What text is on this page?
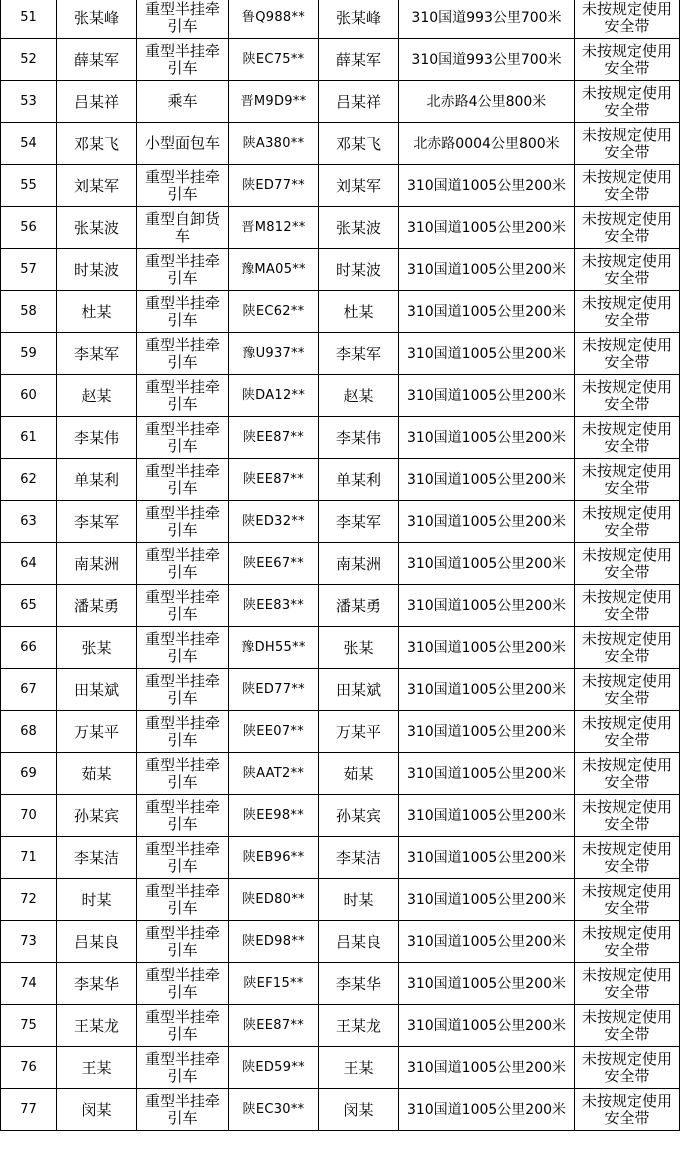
51	张某峰	重型半挂牵引车	鲁Q988**	张某峰	310国道993公里700米	未按规定使用安全带
52	薛某军	重型半挂牵引车	陕EC75**	薛某军	310国道993公里700米	未按规定使用安全带
53	吕某祥	乘车	晋M9D9**	吕某祥	北赤路4公里800米	未按规定使用安全带
54	邓某飞	小型面包车	陕A380**	邓某飞	北赤路0004公里800米	未按规定使用安全带
55	刘某军	重型半挂牵引车	陕ED77**	刘某军	310国道1005公里200米	未按规定使用安全带
56	张某波	重型自卸货车	晋M812**	张某波	310国道1005公里200米	未按规定使用安全带
57	时某波	重型半挂牵引车	豫MA05**	时某波	310国道1005公里200米	未按规定使用安全带
58	杜某	重型半挂牵引车	陕EC62**	杜某	310国道1005公里200米	未按规定使用安全带
59	李某军	重型半挂牵引车	豫U937**	李某军	310国道1005公里200米	未按规定使用安全带
60	赵某	重型半挂牵引车	陕DA12**	赵某	310国道1005公里200米	未按规定使用安全带
61	李某伟	重型半挂牵引车	陕EE87**	李某伟	310国道1005公里200米	未按规定使用安全带
62	单某利	重型半挂牵引车	陕EE87**	单某利	310国道1005公里200米	未按规定使用安全带
63	李某军	重型半挂牵引车	陕ED32**	李某军	310国道1005公里200米	未按规定使用安全带
64	南某洲	重型半挂牵引车	陕EE67**	南某洲	310国道1005公里200米	未按规定使用安全带
65	潘某勇	重型半挂牵引车	陕EE83**	潘某勇	310国道1005公里200米	未按规定使用安全带
66	张某	重型半挂牵引车	豫DH55**	张某	310国道1005公里200米	未按规定使用安全带
67	田某斌	重型半挂牵引车	陕ED77**	田某斌	310国道1005公里200米	未按规定使用安全带
68	万某平	重型半挂牵引车	陕EE07**	万某平	310国道1005公里200米	未按规定使用安全带
69	茹某	重型半挂牵引车	陕AAT2**	茹某	310国道1005公里200米	未按规定使用安全带
70	孙某宾	重型半挂牵引车	陕EE98**	孙某宾	310国道1005公里200米	未按规定使用安全带
71	李某洁	重型半挂牵引车	陕EB96**	李某洁	310国道1005公里200米	未按规定使用安全带
72	时某	重型半挂牵引车	陕ED80**	时某	310国道1005公里200米	未按规定使用安全带
73	吕某良	重型半挂牵引车	陕ED98**	吕某良	310国道1005公里200米	未按规定使用安全带
74	李某华	重型半挂牵引车	陕EF15**	李某华	310国道1005公里200米	未按规定使用安全带
75	王某龙	重型半挂牵引车	陕EE87**	王某龙	310国道1005公里200米	未按规定使用安全带
76	王某	重型半挂牵引车	陕ED59**	王某	310国道1005公里200米	未按规定使用安全带
77	闵某	重型半挂牵引车	陕EC30**	闵某	310国道1005公里200米	未按规定使用安全带
